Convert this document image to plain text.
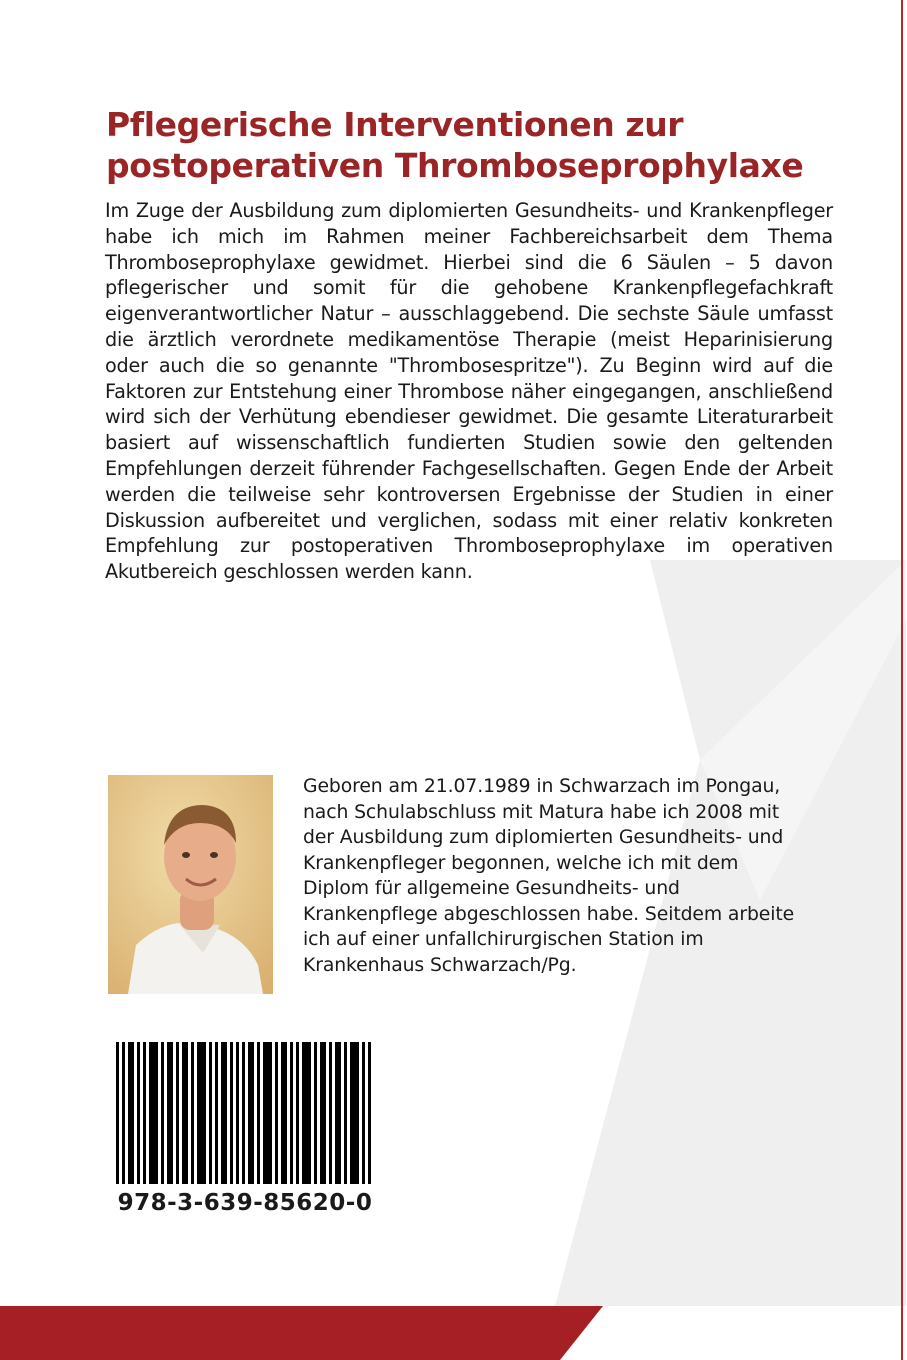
Pflegerische Interventionen zur
postoperativen Thromboseprophylaxe

Im Zuge der Ausbildung zum diplomierten Gesundheits- und Krankenpfleger habe ich mich im Rahmen meiner Fachbereichsarbeit dem Thema Thromboseprophylaxe gewidmet. Hierbei sind die 6 Säulen – 5 davon pflegerischer und somit für die gehobene Krankenpflegefachkraft eigenverantwortlicher Natur – ausschlaggebend. Die sechste Säule umfasst die ärztlich verordnete medikamentöse Therapie (meist Heparinisierung oder auch die so genannte "Thrombosespritze"). Zu Beginn wird auf die Faktoren zur Entstehung einer Thrombose näher eingegangen, anschließend wird sich der Verhütung ebendieser gewidmet. Die gesamte Literaturarbeit basiert auf wissenschaftlich fundierten Studien sowie den geltenden Empfehlungen derzeit führender Fachgesellschaften. Gegen Ende der Arbeit werden die teilweise sehr kontroversen Ergebnisse der Studien in einer Diskussion aufbereitet und verglichen, sodass mit einer relativ konkreten Empfehlung zur postoperativen Thromboseprophylaxe im operativen Akutbereich geschlossen werden kann.

Geboren am 21.07.1989 in Schwarzach im Pongau,
nach Schulabschluss mit Matura habe ich 2008 mit
der Ausbildung zum diplomierten Gesundheits- und
Krankenpfleger begonnen, welche ich mit dem
Diplom für allgemeine Gesundheits- und
Krankenpflege abgeschlossen habe. Seitdem arbeite
ich auf einer unfallchirurgischen Station im
Krankenhaus Schwarzach/Pg.
978-3-639-85620-0
